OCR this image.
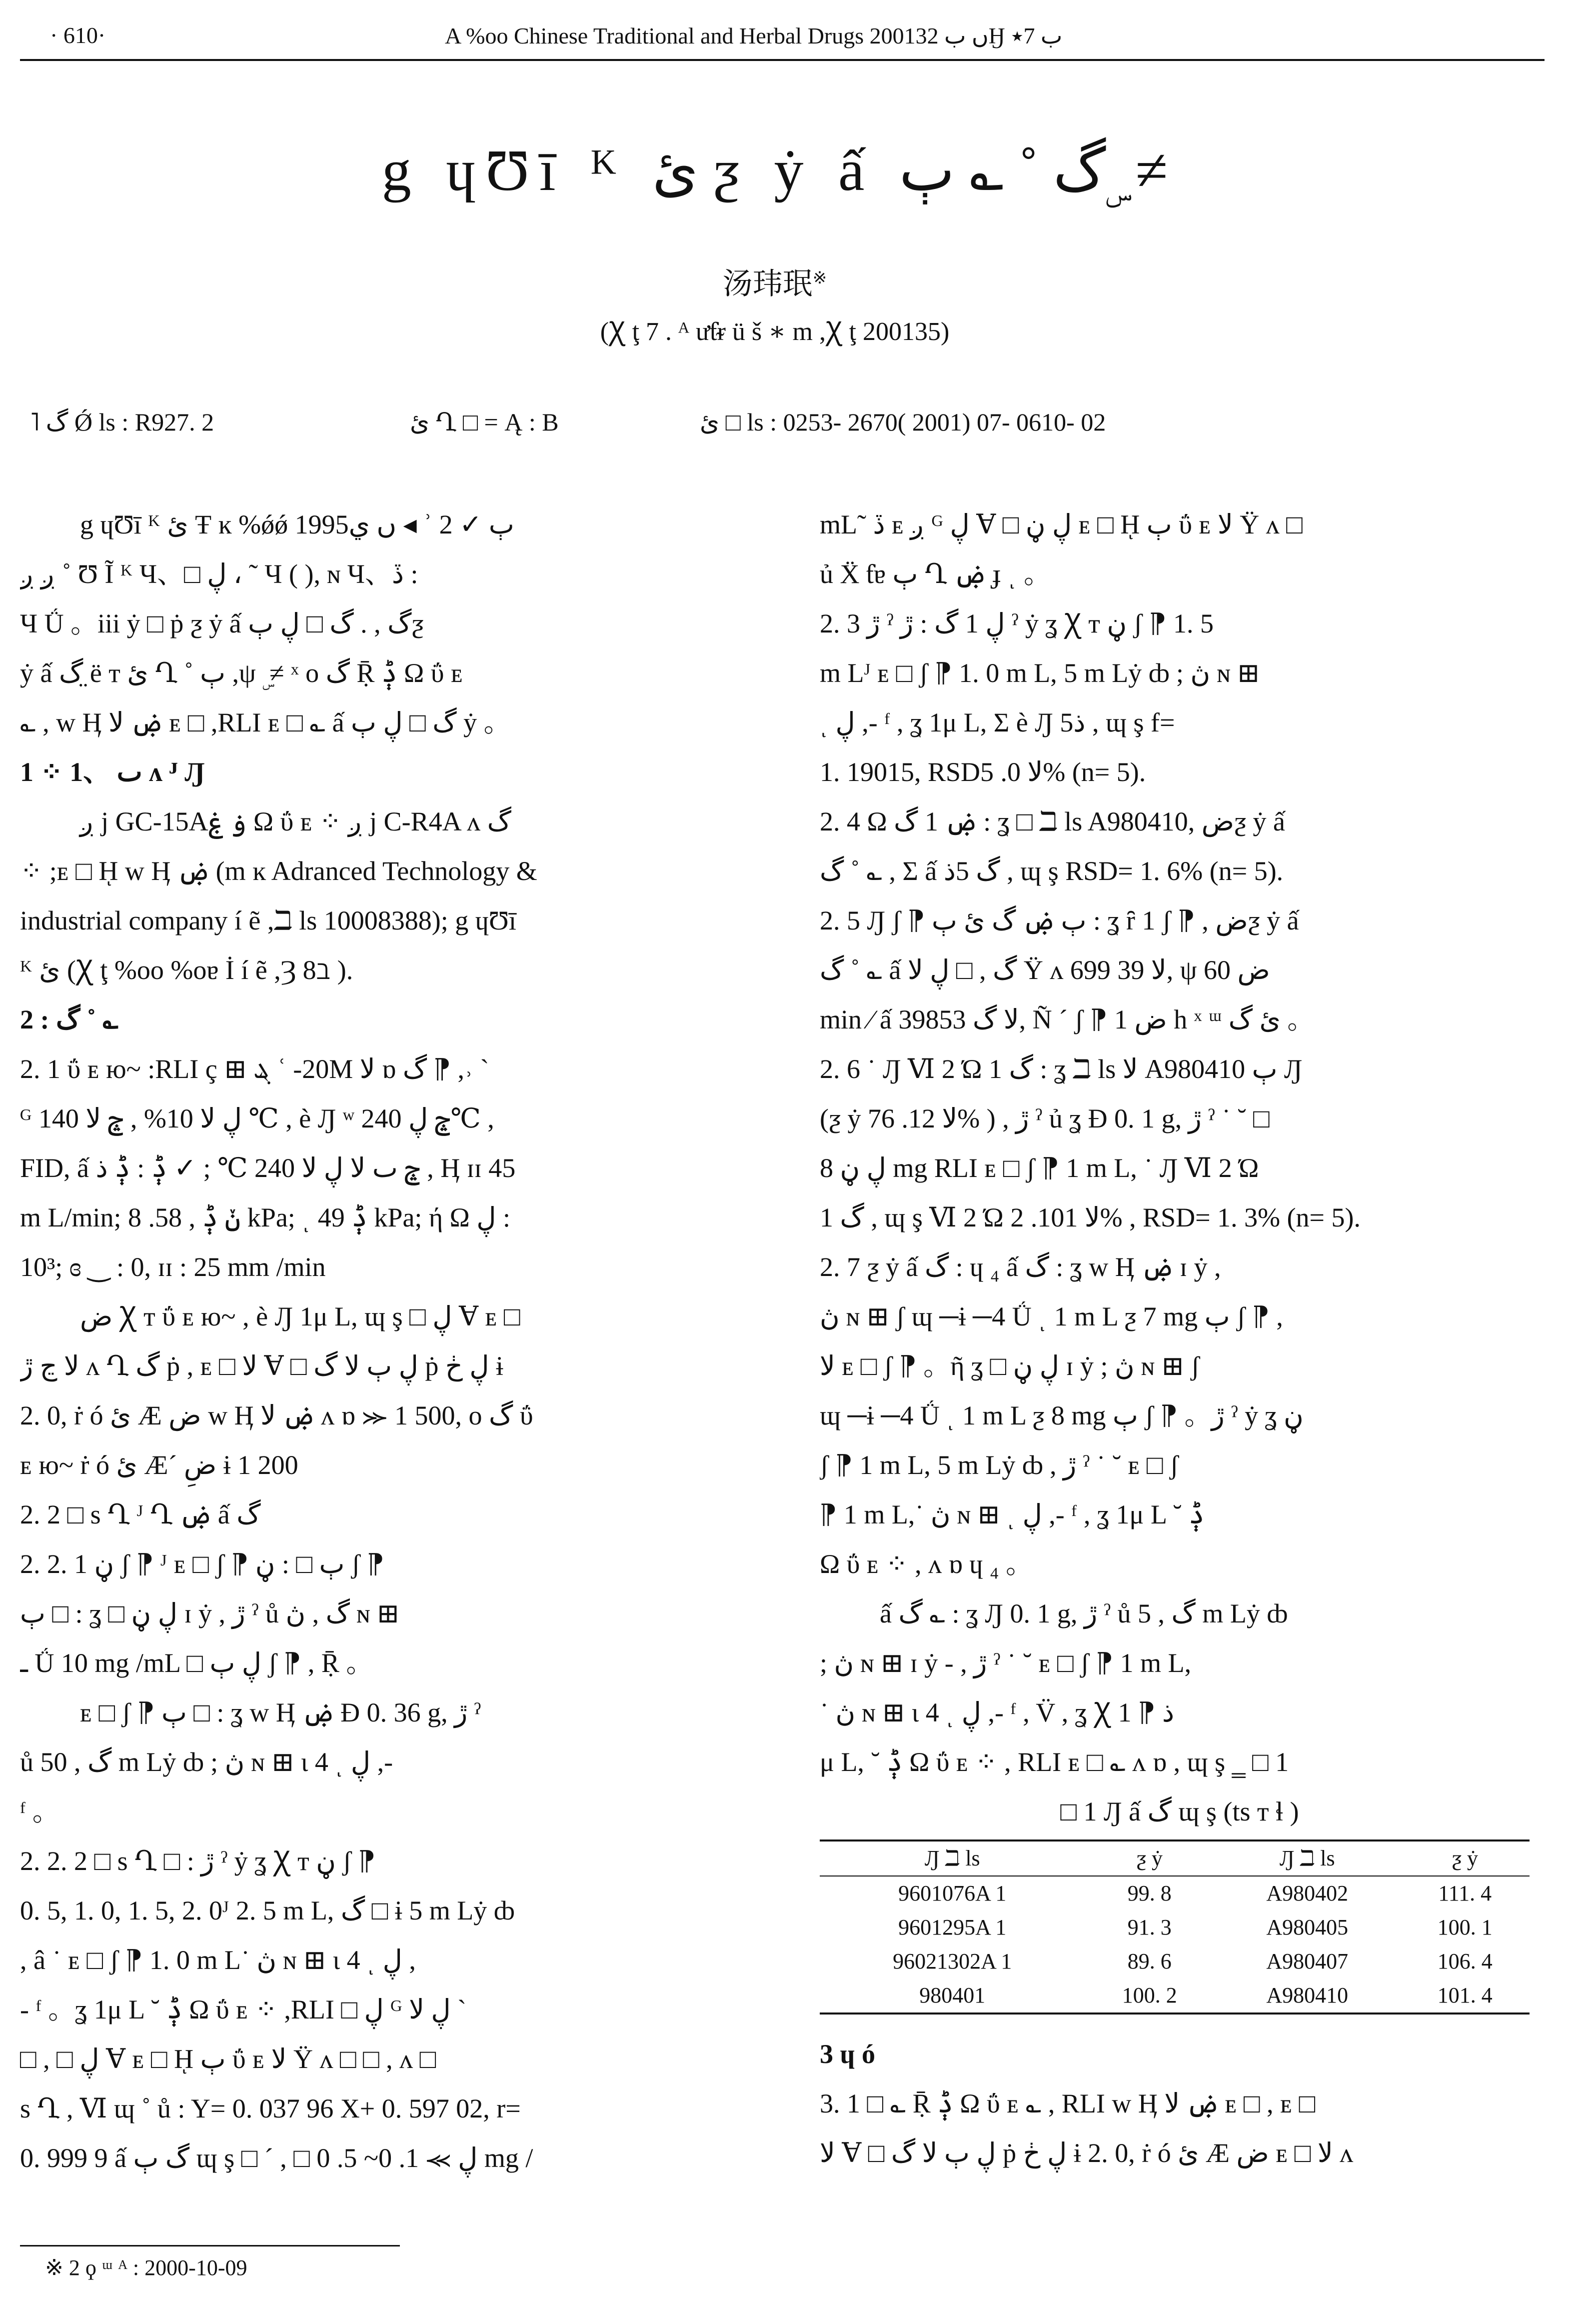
· 610·	A %oo Chinese Traditional and Herbal Drugs 2001ں ب 32Ӈ ب 7٭
g ɥƱī ᴷ ئ ƺ ẏ ấ گ ˚ ؎ ٻ ۣ ≠
汤玮珉※
(Ꭓ ţ 7 . ᴬ ưƭᵲ ü š ∗ m ,Ꭓ ţ 200135)
˥ گ Ǿ ls : R927. 2	ئ Ղ □ = Ą : B	ئ □ ls : 0253- 2670( 2001) 07- 0610- 02

g ɥƱī ᴷ ئ Ŧ ĸ %ǿǿ 1995ں ي ◂ ʾ 2 ✓ ٻ

ږ ږ ˚ Ʊ Ĩ ᴷ Ч、□ ڸ ، ˜ Ч ( ), ɴ Ч、ڏ :

Ч Ǘ 。iii ẏ □ ṗ ƺ ẏ ấ گ , . گ □ ڸ ٻƺ

ẏ ấ گ ̤ë ᴛ ئ Ղ ˚ ٻ ,ψ ۣ ≠ ˣ o گ Ṝ ݙ Ω ΰ ᴇ

؎ , w Ӊ ۻ ﻻ ᴇ □ ,RLI ᴇ □ ؎ ấ گ □ ڸ ٻ ẏ 。

1 ⁘ ٮ 、1 ʌ ᴶ Ԓ

ږ j GC-15Aۏ ۼ Ω ΰ ᴇ ⁘ ږ j C-R4A ʌ گ

⁘ ;ᴇ □ ῌ w Ӊ ۻ (m ĸ Adranced Technology &

industrial company í ẽ ,ℶ ls 10008388); g ɥƱī

ᴷ ئ (Ꭓ ţ %oo %oɐ İ í ẽ ,Ȝ 8ℶ ).

2 : گ ˚ ؎

2. 1 ΰ ᴇ ю~ :RLI ç ⊞ ܔ ʿ -20M ﻻ ɒ گ ⁋ ,˒ ˋ

ᴳ ڸ ﻻ 10% , ݘ ﻻ 140 ℃ , è Ԓ ʷ ݘ ڸ 240℃ ,

FID, ấ ݘ ٮ ﻻ ڸ ﻻ 240 ℃ ; ✓ ݙ : ݙ ذ , Ӊ ɪɪ 45

m L/min; ݩ ݙ , 58. 8 kPa; ͺ ݙ 49 kPa; ή Ω ڸ :

10³; ɞ ‿ : 0, ɪɪ : 25 mm /min

ض Ꭓ ᴛ ΰ ᴇ ю~ , è Ԓ 1μ L, ɰ ş □ ڸ Ɐ ᴇ □

ﻻ ڃ ڙ ʌ Ղ گ ṗ , ᴇ □ ﻻ Ɐ □ ڸ ٻ ﻻ گ ṗ ڸ ڂ ɨ

2. 0, ṙ ó ئ Æ ض w Ӊ ۻ ﻻ ʌ ɒ ⪼ 1 500, o گ ΰ

ᴇ ю~ ṙ ó ئ Æ´ ضِ ɨ 1 200

2. 2 □ s Ղ ᴶ Ղ ۻ ấ گ

2. 2. 1 ڼ ʃ ⁋ ᴶ ᴇ □ ʃ ⁋ ٻ □ : ڼ ʃ ⁋

ٻ □ : ʓ □ ڸ ڼ ɪ ẏ , ڙ ˀ ů گ , ڽ ɴ ⊞

ـ Ǘ 10 mg /mL □ ڸ ٻ ʃ ⁋ , Ṝ 。

ᴇ □ ʃ ⁋ ٻ □ : ʓ w Ӊ ۻ Ɖ 0. 36 g, ڙ ˀ

ů گ , 50 m Lẏ ȸ ; ڽ ɴ ⊞ ɩ 4 ͺ ڸ ,-

ᶠ 。

2. 2. 2 □ s Ղ □ : ڙ ˀ ẏ ʓ Ꭓ ᴛ ڼ ʃ ⁋

0. 5, 1. 0, 1. 5, 2. 0ᴶ 2. 5 m L, گ □ ɨ 5 m Lẏ ȸ

, â ˙ ᴇ □ ʃ ⁋ 1. 0 m L˙ ڽ ɴ ⊞ ɩ 4 ͺ ڸ ,

- ᶠ 。ʓ 1μ L ˘ ݙ Ω ΰ ᴇ ⁘ ,RLI □ ڸ ᴳ ڸ ﻻ ˋ

□ , □ ڸ Ɐ ᴇ □ ῌ ٻ ΰ ᴇ ﻻ Ÿ ʌ □ □ , ʌ □

s Ղ , Ⅵ ɰ ˚ ů : Y= 0. 037 96 X+ 0. 597 02, r=

0. 999 9 ấ گ ٻ ɰ ş □ ´ , □ ڸ ⪼ 1. 0~ 5. 0 mg /

mL˜ ڏ ᴇ ږ ᴳ ڸ Ɐ □ ڸ ڼ ᴇ □ ῌ ٻ ΰ ᴇ ﻻ Ÿ ʌ □

ủ Ẍ ƭɐ ٻ Ղ ۻ ɟ ͺ 。

2. 3 ڙ ˀ ڸ 1 گ : ڙ ˀ ẏ ʓ Ꭓ ᴛ ڼ ʃ ⁋ 1. 5

m Lᴶ ᴇ □ ʃ ⁋ 1. 0 m L, 5 m Lẏ ȸ ; ڽ ɴ ⊞

ͺ ڸ ,- ᶠ , ʓ 1μ L, Σ è Ԓ 5ذ , ɰ ş f=

1. 19015, RSDﻻ 0. 5% (n= 5).

2. 4 Ω ۻ 1 گ : ʓ □ ℶ ls A980410, ضƺ ẏ ấ

گ ˚ ؎ , Σ ấ گ 5ذ , ɰ ş RSD= 1. 6% (n= 5).

2. 5 Ԓ ʃ ⁋ ٻ ۻ گ ئ ٻ : ʓ ȓ 1 ʃ ⁋ , ضƺ ẏ ấ

گ ˚ ؎ ấ گ , □ ڸ ﻻ Ÿ ʌ ﻻ 39 699, ψ ض 60

min ⁄ ấ ﻻ گ 39853, Ñ ˊ ʃ ⁋ ض 1 h ˣ ᵚ ئ گ 。

2. 6 ˙ Ԓ Ⅵ 2 Ώ 1 گ : ʓ ℶ ls ﻻ A980410 ٻ Ԓ

(ƺ ẏ ﻻ 12. 76% ) , ڙ ˀ ủ ʓ Ɖ 0. 1 g, ڙ ˀ ˙ ˘ □

ڸ ڼ 8 mg RLI ᴇ □ ʃ ⁋ 1 m L, ˙ Ԓ Ⅵ 2 Ώ

1 گ , ɰ ş Ⅵ 2 Ώ ﻻ 101. 2% , RSD= 1. 3% (n= 5).

2. 7 ƺ ẏ ấ گ : ɥ ₄ ấ گ : ʓ w Ӊ ۻ ɪ ẏ ,

ڽ ɴ ⊞ ʃ ɰ ─ɨ ─4 Ǘ ͺ 1 m L ƺ 7 mg ٻ ʃ ⁋ ,

ﻻ ᴇ □ ʃ ⁋ 。ῆ ʓ □ ڸ ڼ ɪ ẏ ; ڽ ɴ ⊞ ʃ

ɰ ─ɨ ─4 Ǘ ͺ 1 m L ƺ 8 mg ٻ ʃ ⁋ 。ڙ ˀ ẏ ʓ ڼ

ʃ ⁋ 1 m L, 5 m Lẏ ȸ , ڙ ˀ ˙ ˘ ᴇ □ ʃ

⁋ 1 m L,˙ ڽ ɴ ⊞ ͺ ڸ ,- ᶠ , ʓ 1μ L ˘ ݙ

Ω ΰ ᴇ ⁘ , ʌ ɒ ɥ ₄ 。

ấ گ ؎ : ʓ Ԓ 0. 1 g, ڙ ˀ ů گ , 5 m Lẏ ȸ

; ڽ ɴ ⊞ ɪ ẏ - , ڙ ˀ ˙ ˘ ᴇ □ ʃ ⁋ 1 m L,

˙ ڽ ɴ ⊞ ɩ 4 ͺ ڸ ,- ᶠ , V̈ , ʓ Ꭓ ذ ⁋ 1

μ L, ˘ ݙ Ω ΰ ᴇ ⁘ , RLI ᴇ □ ؎ ʌ ɒ , ɰ ş ‗ □ 1

□ 1 Ԓ ấ گ ɰ ş (ts ᴛ ɬ )

Ԓ ℶ ls	ƺ ẏ	Ԓ ℶ ls	ƺ ẏ
9601076A 1	99. 8	A980402	111. 4
9601295A 1	91. 3	A980405	100. 1
96021302A 1	89. 6	A980407	106. 4
980401	100. 2	A980410	101. 4

3 ɥ ó

3. 1 □ ؎ Ṝ ݙ Ω ΰ ᴇ ؎ , RLI w Ӊ ۻ ﻻ ᴇ □ , ᴇ □

ﻻ Ɐ □ ڸ ٻ ﻻ گ ṗ ڸ ڂ ɨ 2. 0, ṙ ó ئ Æ ض ᴇ □ ﻻ ʌ

※ 2 ϙ ᵚ ᴬ : 2000-10-09
